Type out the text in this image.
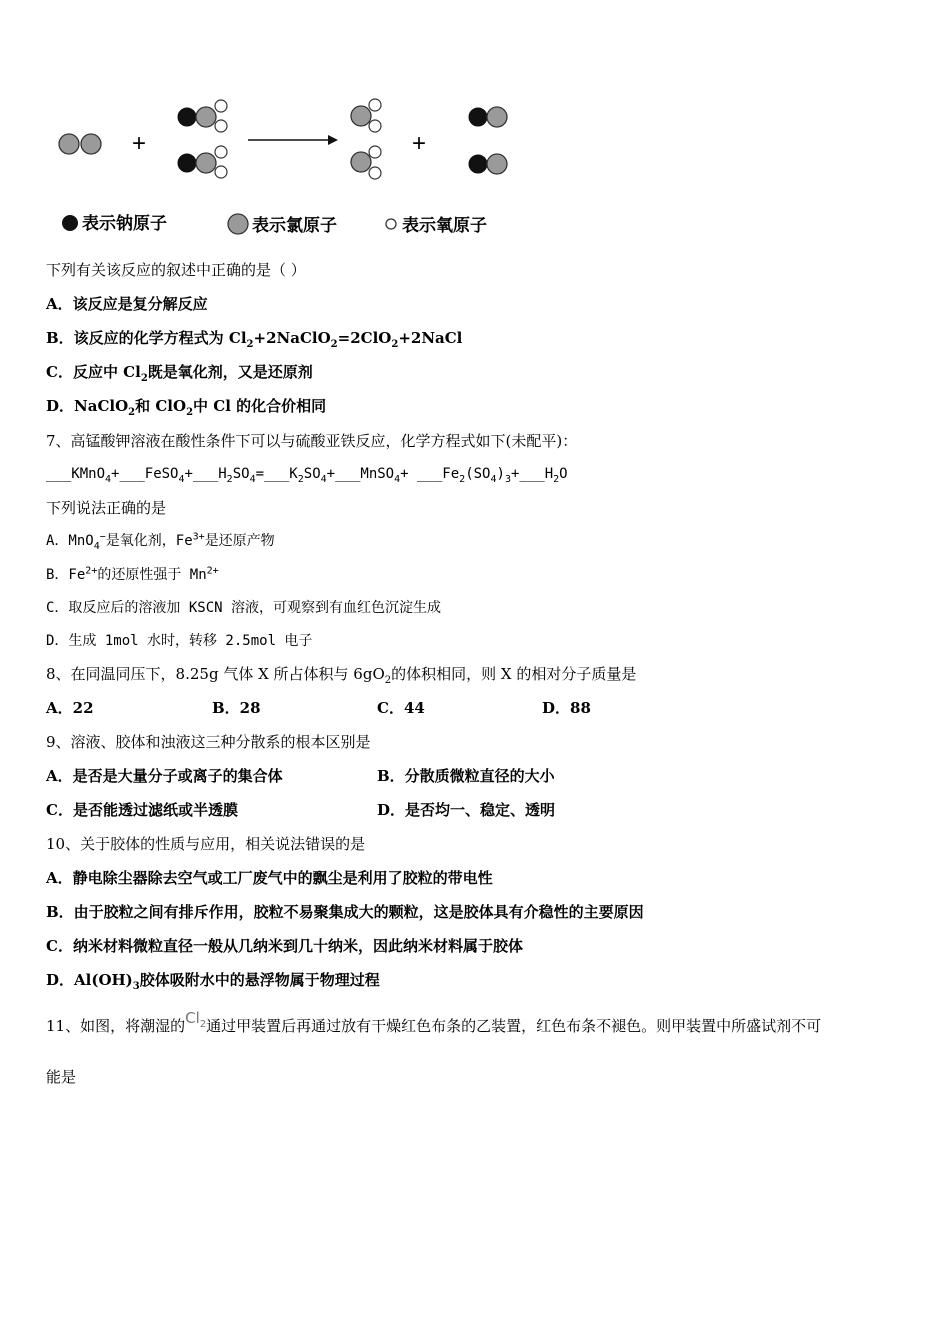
+	+
表示钠原子	表示氯原子	表示氧原子
下列有关该反应的叙述中正确的是（ ）
A．该反应是复分解反应
B．该反应的化学方程式为 $Cl_2+2NaClO_2=2ClO_2+2NaCl$
C．反应中 $Cl_2$既是氧化剂，又是还原剂
D．NaClO$_2$和 ClO$_2$中 Cl 的化合价相同
7、高锰酸钾溶液在酸性条件下可以与硫酸亚铁反应，化学方程式如下(未配平)：
$\_\_\_KMnO_4+\_\_\_FeSO_4+\_\_\_H_2SO_4=\_\_\_K_2SO_4+\_\_\_MnSO_4+$ $\_\_\_Fe_2(SO_4)_3+\_\_\_H_2O$
下列说法正确的是
A．MnO$_4$−是氧化剂，$Fe^{3+}$是还原产物
B．$Fe^{2+}$的还原性强于 $Mn^{2+}$
C．取反应后的溶液加 KSCN 溶液，可观察到有血红色沉淀生成
D．生成 1mol 水时，转移 2.5mol 电子
8、在同温同压下，8.25g 气体 X 所占体积与 $6gO_2$的体积相同，则 X 的相对分子质量是
A．22	B．28	C．44	D．88
9、溶液、胶体和浊液这三种分散系的根本区别是
A．是否是大量分子或离子的集合体	B．分散质微粒直径的大小
C．是否能透过滤纸或半透膜	D．是否均一、稳定、透明
10、关于胶体的性质与应用，相关说法错误的是
A．静电除尘器除去空气或工厂废气中的飘尘是利用了胶粒的带电性
B．由于胶粒之间有排斥作用，胶粒不易聚集成大的颗粒，这是胶体具有介稳性的主要原因
C．纳米材料微粒直径一般从几纳米到几十纳米，因此纳米材料属于胶体
D．$Al(OH)_3$胶体吸附水中的悬浮物属于物理过程
11、如图，将潮湿的$Cl_2$通过甲装置后再通过放有干燥红色布条的乙装置，红色布条不褪色。则甲装置中所盛试剂不可
能是
